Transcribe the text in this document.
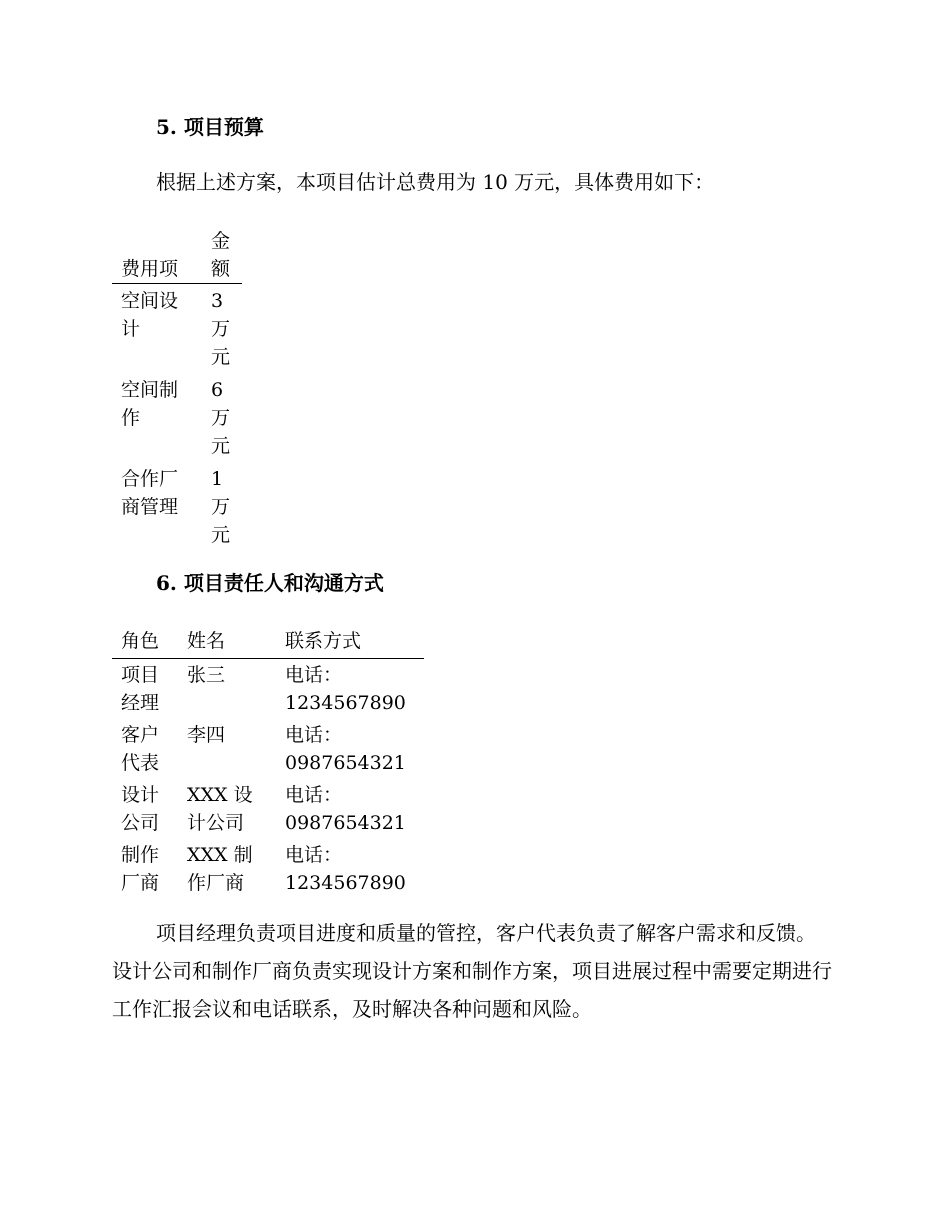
5. 项目预算

根据上述方案，本项目估计总费用为 10 万元，具体费用如下：

费用项	金额
空间设计	3 万元
空间制作	6 万元
合作厂商管理	1 万元
6. 项目责任人和沟通方式
角色	姓名	联系方式
项目经理	张三	电话：1234567890
客户代表	李四	电话：0987654321
设计公司	XXX 设计公司	电话：0987654321
制作厂商	XXX 制作厂商	电话：1234567890

项目经理负责项目进度和质量的管控，客户代表负责了解客户需求和反馈。设计公司和制作厂商负责实现设计方案和制作方案，项目进展过程中需要定期进行工作汇报会议和电话联系，及时解决各种问题和风险。
